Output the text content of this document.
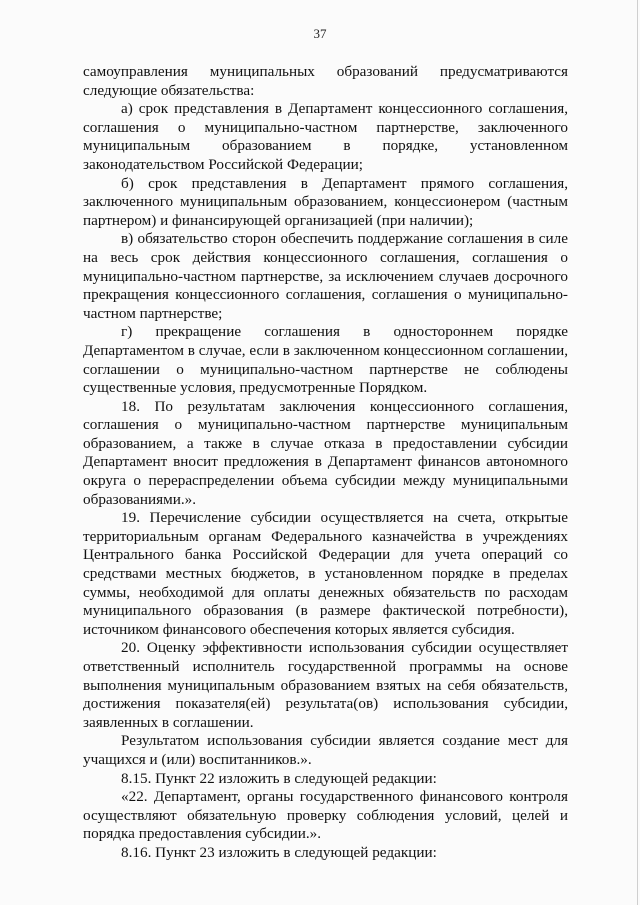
37

самоуправления муниципальных образований предусматриваются следующие обязательства:

а) срок представления в Департамент концессионного соглашения, соглашения о муниципально-частном партнерстве, заключенного муниципальным образованием в порядке, установленном законодательством Российской Федерации;

б) срок представления в Департамент прямого соглашения, заключенного муниципальным образованием, концессионером (частным партнером) и финансирующей организацией (при наличии);

в) обязательство сторон обеспечить поддержание соглашения в силе на весь срок действия концессионного соглашения, соглашения о муниципально-частном партнерстве, за исключением случаев досрочного прекращения концессионного соглашения, соглашения о муниципально-частном партнерстве;

г) прекращение соглашения в одностороннем порядке Департаментом в случае, если в заключенном концессионном соглашении, соглашении о муниципально-частном партнерстве не соблюдены существенные условия, предусмотренные Порядком.

18. По результатам заключения концессионного соглашения, соглашения о муниципально-частном партнерстве муниципальным образованием, а также в случае отказа в предоставлении субсидии Департамент вносит предложения в Департамент финансов автономного округа о перераспределении объема субсидии между муниципальными образованиями.».

19. Перечисление субсидии осуществляется на счета, открытые территориальным органам Федерального казначейства в учреждениях Центрального банка Российской Федерации для учета операций со средствами местных бюджетов, в установленном порядке в пределах суммы, необходимой для оплаты денежных обязательств по расходам муниципального образования (в размере фактической потребности), источником финансового обеспечения которых является субсидия.

20. Оценку эффективности использования субсидии осуществляет ответственный исполнитель государственной программы на основе выполнения муниципальным образованием взятых на себя обязательств, достижения показателя(ей) результата(ов) использования субсидии, заявленных в соглашении.

Результатом использования субсидии является создание мест для учащихся и (или) воспитанников.».

8.15. Пункт 22 изложить в следующей редакции:

«22. Департамент, органы государственного финансового контроля осуществляют обязательную проверку соблюдения условий, целей и порядка предоставления субсидии.».

8.16. Пункт 23 изложить в следующей редакции:
